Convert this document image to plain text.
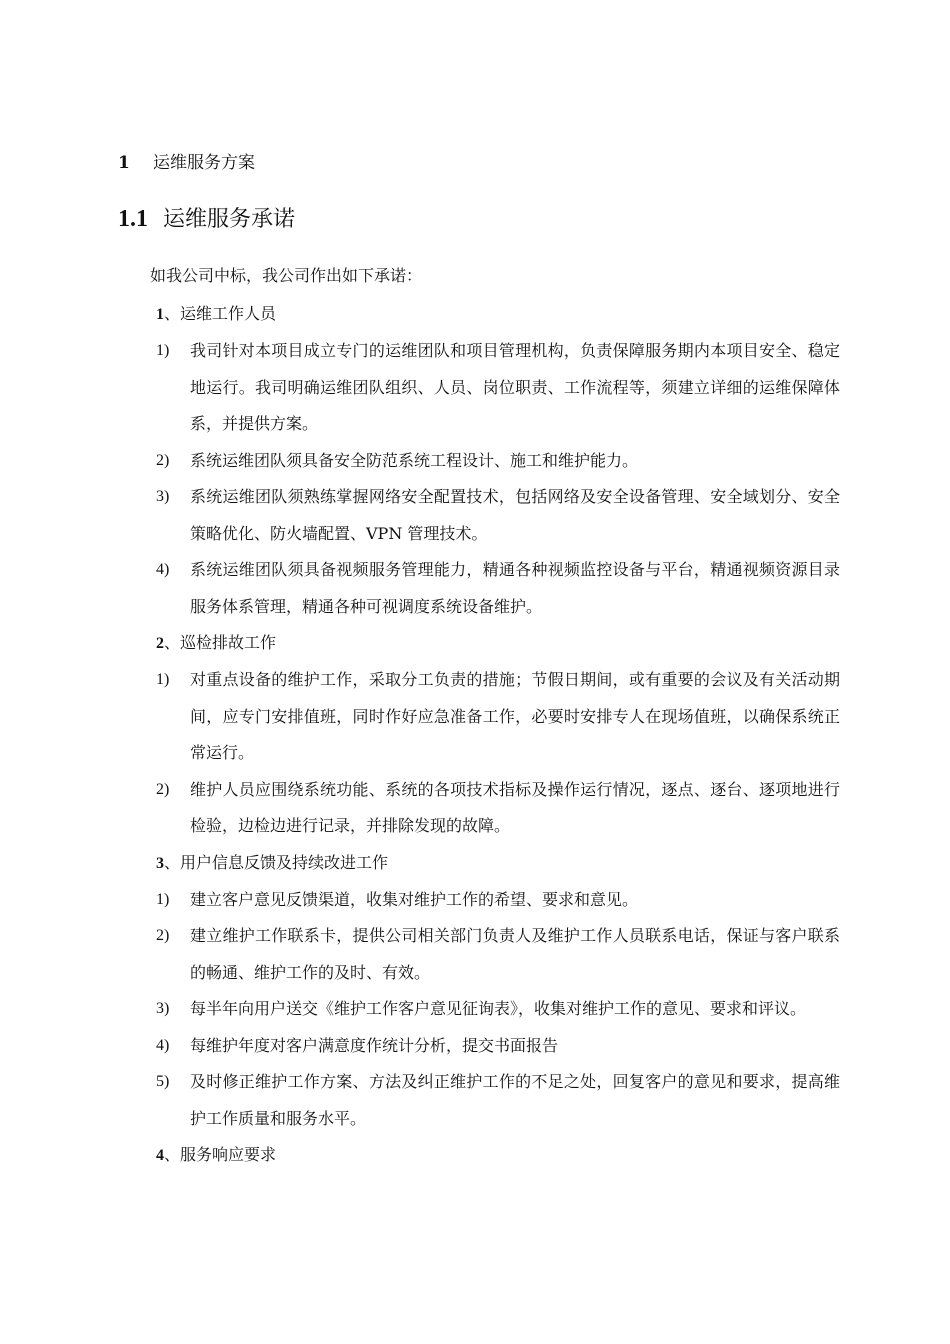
1 运维服务方案
1.1 运维服务承诺
如我公司中标，我公司作出如下承诺：
1、运维工作人员
1) 我司针对本项目成立专门的运维团队和项目管理机构，负责保障服务期内本项目安全、稳定地运行。我司明确运维团队组织、人员、岗位职责、工作流程等，须建立详细的运维保障体系，并提供方案。
2) 系统运维团队须具备安全防范系统工程设计、施工和维护能力。
3) 系统运维团队须熟练掌握网络安全配置技术，包括网络及安全设备管理、安全域划分、安全策略优化、防火墙配置、VPN 管理技术。
4) 系统运维团队须具备视频服务管理能力，精通各种视频监控设备与平台，精通视频资源目录服务体系管理，精通各种可视调度系统设备维护。
2、巡检排故工作
1) 对重点设备的维护工作，采取分工负责的措施；节假日期间，或有重要的会议及有关活动期间，应专门安排值班，同时作好应急准备工作，必要时安排专人在现场值班，以确保系统正常运行。
2) 维护人员应围绕系统功能、系统的各项技术指标及操作运行情况，逐点、逐台、逐项地进行检验，边检边进行记录，并排除发现的故障。
3、用户信息反馈及持续改进工作
1) 建立客户意见反馈渠道，收集对维护工作的希望、要求和意见。
2) 建立维护工作联系卡，提供公司相关部门负责人及维护工作人员联系电话，保证与客户联系的畅通、维护工作的及时、有效。
3) 每半年向用户送交《维护工作客户意见征询表》，收集对维护工作的意见、要求和评议。
4) 每维护年度对客户满意度作统计分析，提交书面报告
5) 及时修正维护工作方案、方法及纠正维护工作的不足之处，回复客户的意见和要求，提高维护工作质量和服务水平。
4、服务响应要求
